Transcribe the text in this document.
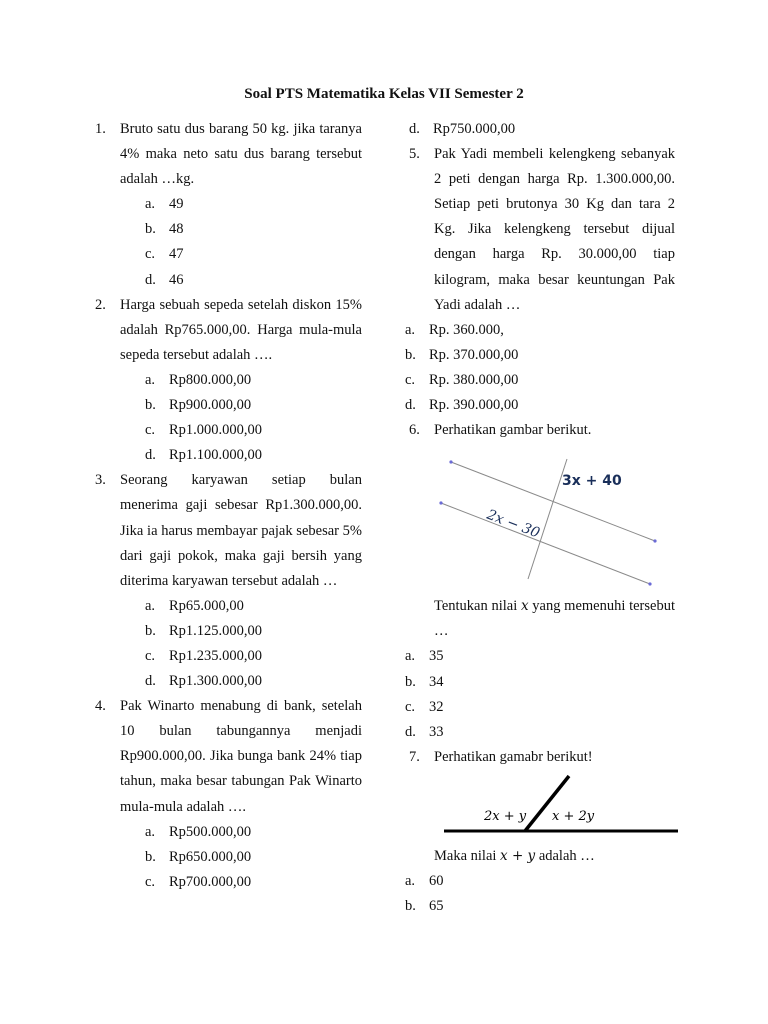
Soal PTS Matematika Kelas VII Semester 2
1. Bruto satu dus barang 50 kg. jika taranya 4% maka neto satu dus barang tersebut adalah …kg.
a. 49
b. 48
c. 47
d. 46
2. Harga sebuah sepeda setelah diskon 15% adalah Rp765.000,00. Harga mula-mula sepeda tersebut adalah ….
a. Rp800.000,00
b. Rp900.000,00
c. Rp1.000.000,00
d. Rp1.100.000,00
3. Seorang karyawan setiap bulan menerima gaji sebesar Rp1.300.000,00. Jika ia harus membayar pajak sebesar 5% dari gaji pokok, maka gaji bersih yang diterima karyawan tersebut adalah …
a. Rp65.000,00
b. Rp1.125.000,00
c. Rp1.235.000,00
d. Rp1.300.000,00
4. Pak Winarto menabung di bank, setelah 10 bulan tabungannya menjadi Rp900.000,00. Jika bunga bank 24% tiap tahun, maka besar tabungan Pak Winarto mula-mula adalah ….
a. Rp500.000,00
b. Rp650.000,00
c. Rp700.000,00
d. Rp750.000,00
5. Pak Yadi membeli kelengkeng sebanyak 2 peti dengan harga Rp. 1.300.000,00. Setiap peti brutonya 30 Kg dan tara 2 Kg. Jika kelengkeng tersebut dijual dengan harga Rp. 30.000,00 tiap kilogram, maka besar keuntungan Pak Yadi adalah …
a. Rp. 360.000,
b. Rp. 370.000,00
c. Rp. 380.000,00
d. Rp. 390.000,00
6. Perhatikan gambar berikut.
3x + 40
2x − 30
Tentukan nilai x yang memenuhi tersebut …
a. 35
b. 34
c. 32
d. 33
7. Perhatikan gamabr berikut!
2x + y x + 2y
Maka nilai x + y adalah …
a. 60
b. 65
